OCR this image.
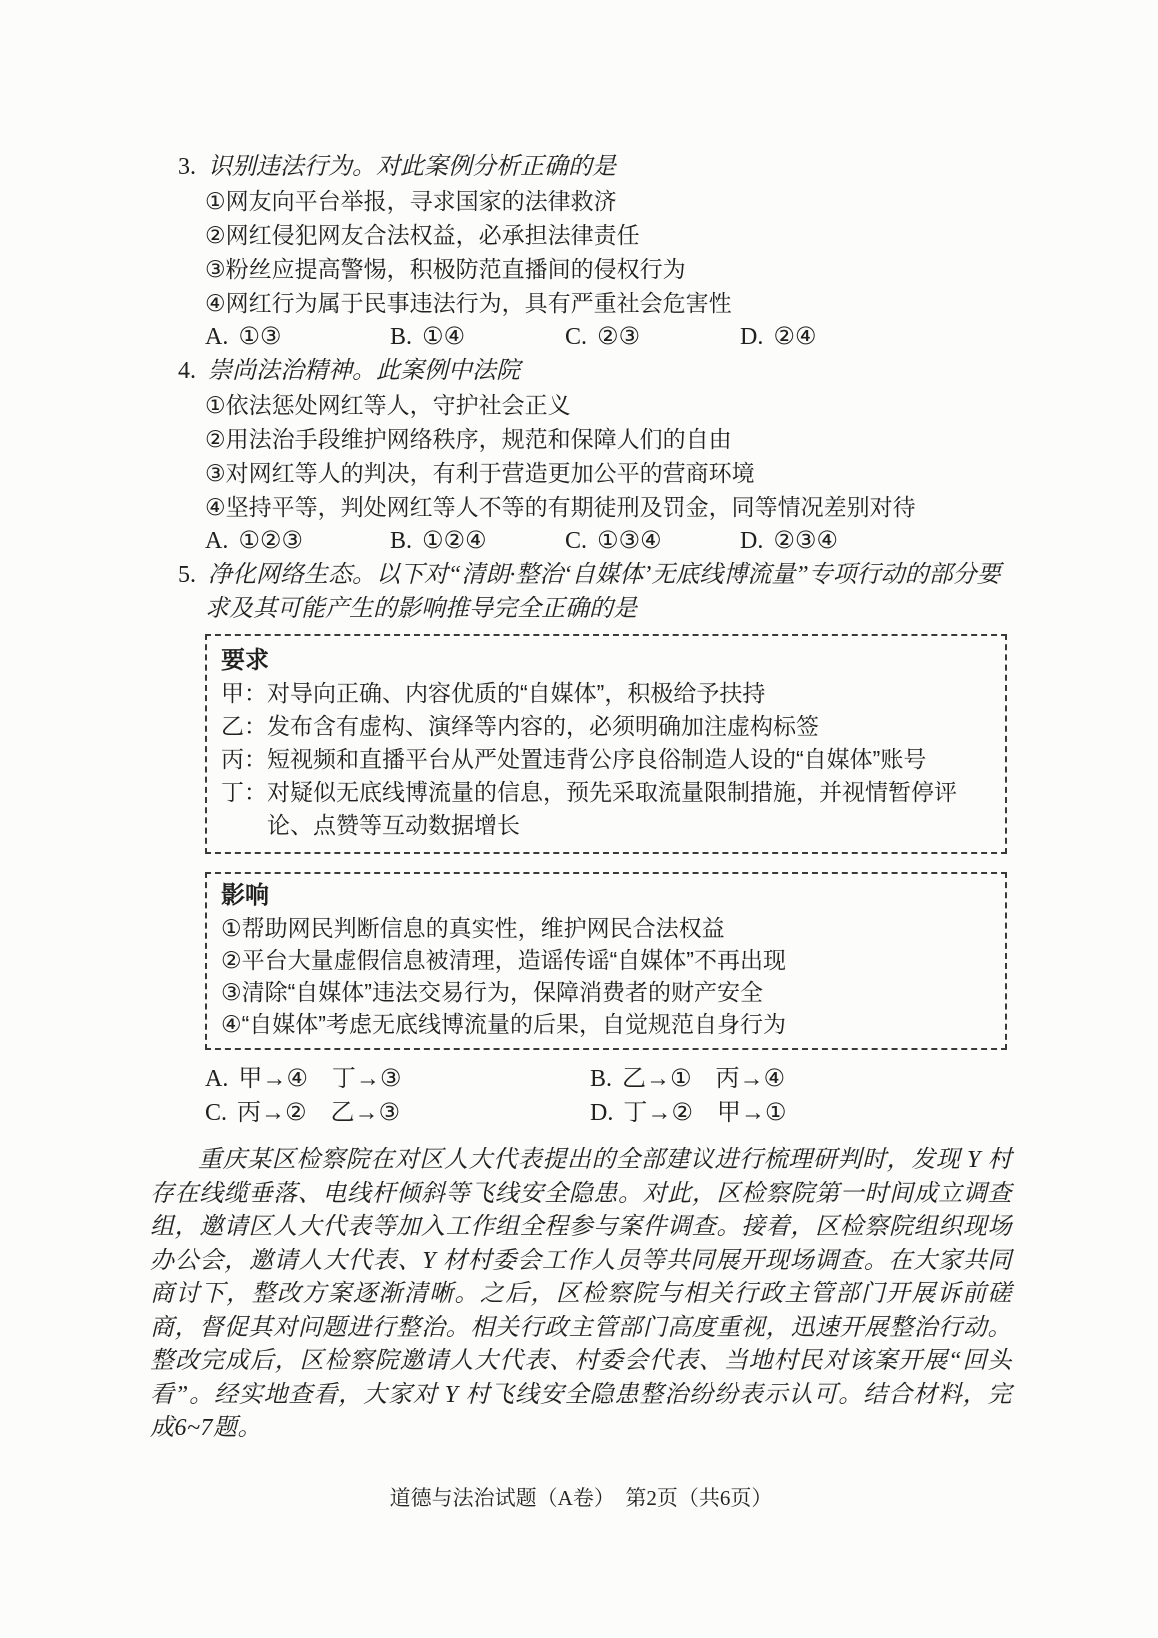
3. 识别违法行为。对此案例分析正确的是
①网友向平台举报，寻求国家的法律救济
②网红侵犯网友合法权益，必承担法律责任
③粉丝应提高警惕，积极防范直播间的侵权行为
④网红行为属于民事违法行为，具有严重社会危害性
A. ①③	B. ①④	C. ②③	D. ②④
4. 崇尚法治精神。此案例中法院
①依法惩处网红等人，守护社会正义
②用法治手段维护网络秩序，规范和保障人们的自由
③对网红等人的判决，有利于营造更加公平的营商环境
④坚持平等，判处网红等人不等的有期徒刑及罚金，同等情况差别对待
A. ①②③	B. ①②④	C. ①③④	D. ②③④
5. 净化网络生态。以下对“清朗·整治‘自媒体’无底线博流量”专项行动的部分要求及其可能产生的影响推导完全正确的是
要求
甲：对导向正确、内容优质的“自媒体”，积极给予扶持
乙：发布含有虚构、演绎等内容的，必须明确加注虚构标签
丙：短视频和直播平台从严处置违背公序良俗制造人设的“自媒体”账号
丁：对疑似无底线博流量的信息，预先采取流量限制措施，并视情暂停评论、点赞等互动数据增长
影响
①帮助网民判断信息的真实性，维护网民合法权益
②平台大量虚假信息被清理，造谣传谣“自媒体”不再出现
③清除“自媒体”违法交易行为，保障消费者的财产安全
④“自媒体”考虑无底线博流量的后果，自觉规范自身行为
A. 甲→④　丁→③	B. 乙→①　丙→④
C. 丙→②　乙→③	D. 丁→②　甲→①

重庆某区检察院在对区人大代表提出的全部建议进行梳理研判时，发现 Y 村存在线缆垂落、电线杆倾斜等飞线安全隐患。对此，区检察院第一时间成立调查组，邀请区人大代表等加入工作组全程参与案件调查。接着，区检察院组织现场办公会，邀请人大代表、Y 材村委会工作人员等共同展开现场调查。在大家共同商讨下，整改方案逐渐清晰。之后，区检察院与相关行政主管部门开展诉前磋商，督促其对问题进行整治。相关行政主管部门高度重视，迅速开展整治行动。整改完成后，区检察院邀请人大代表、村委会代表、当地村民对该案开展“回头看”。经实地查看，大家对 Y 村飞线安全隐患整治纷纷表示认可。结合材料，完成6~7题。

道德与法治试题（A卷）　第2页（共6页）
